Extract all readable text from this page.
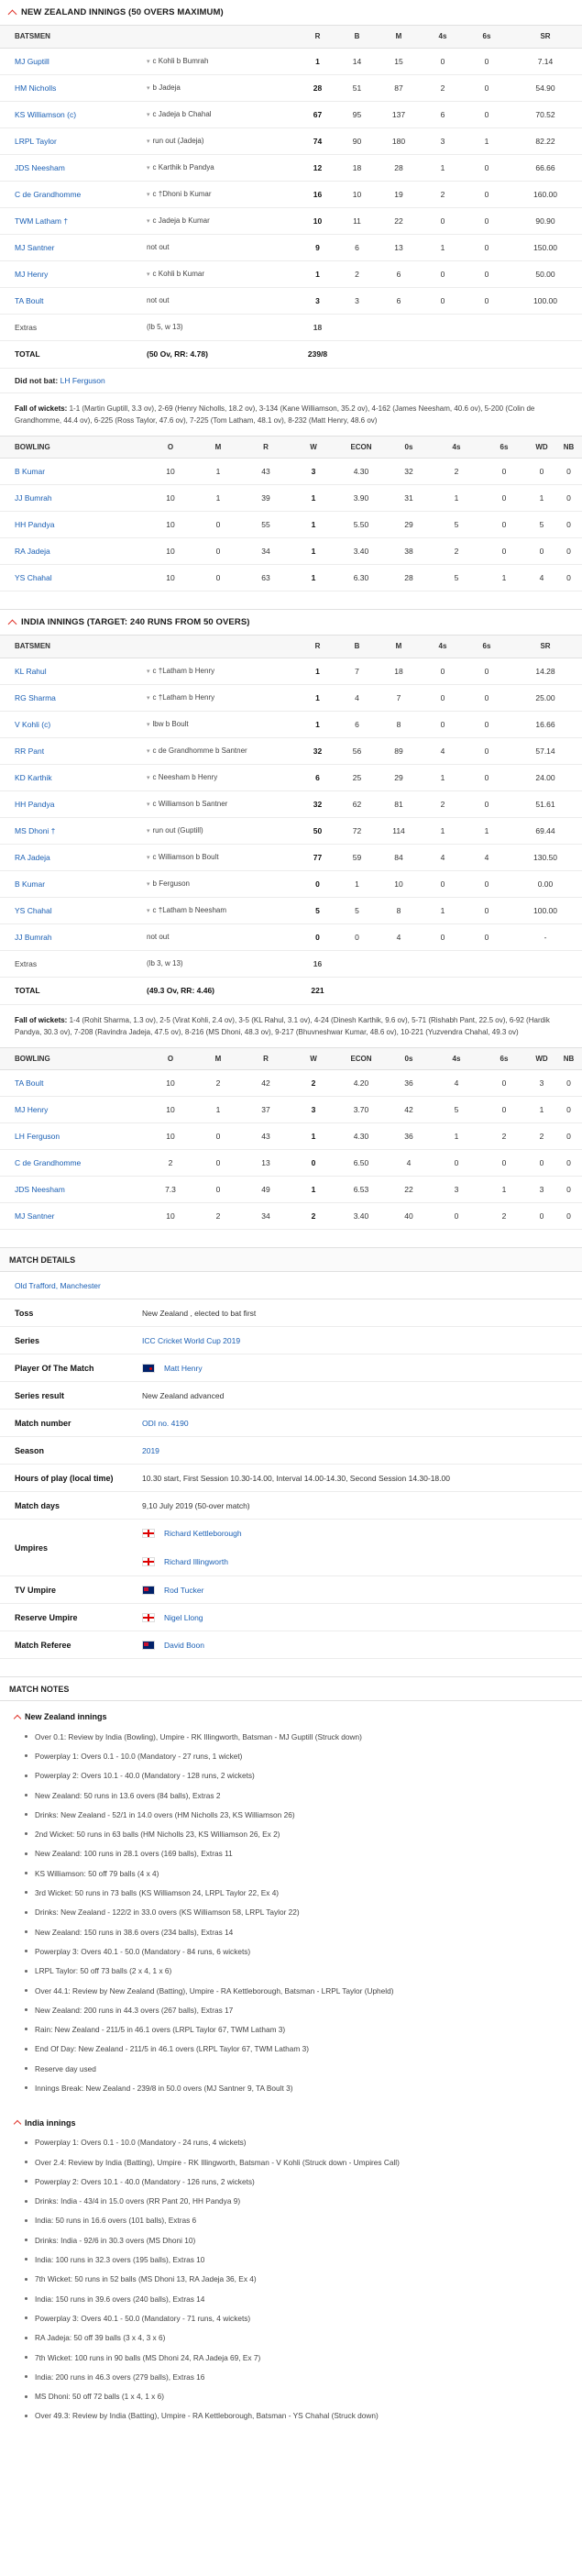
NEW ZEALAND INNINGS (50 OVERS MAXIMUM)
BATSMEN		R	B	M	4s	6s	SR
MJ Guptill	▾ c Kohli b Bumrah	1	14	15	0	0	7.14
HM Nicholls	▾ b Jadeja	28	51	87	2	0	54.90
KS Williamson (c)	▾ c Jadeja b Chahal	67	95	137	6	0	70.52
LRPL Taylor	▾ run out (Jadeja)	74	90	180	3	1	82.22
JDS Neesham	▾ c Karthik b Pandya	12	18	28	1	0	66.66
C de Grandhomme	▾ c †Dhoni b Kumar	16	10	19	2	0	160.00
TWM Latham †	▾ c Jadeja b Kumar	10	11	22	0	0	90.90
MJ Santner	not out	9	6	13	1	0	150.00
MJ Henry	▾ c Kohli b Kumar	1	2	6	0	0	50.00
TA Boult	not out	3	3	6	0	0	100.00
Extras	(lb 5, w 13)	18					
TOTAL	(50 Ov, RR: 4.78)	239/8					
Did not bat: LH Ferguson
Fall of wickets: 1-1 (Martin Guptill, 3.3 ov), 2-69 (Henry Nicholls, 18.2 ov), 3-134 (Kane Williamson, 35.2 ov), 4-162 (James Neesham, 40.6 ov), 5-200 (Colin de Grandhomme, 44.4 ov), 6-225 (Ross Taylor, 47.6 ov), 7-225 (Tom Latham, 48.1 ov), 8-232 (Matt Henry, 48.6 ov)
BOWLING	O	M	R	W	ECON	0s	4s	6s	WD	NB
B Kumar	10	1	43	3	4.30	32	2	0	0	0
JJ Bumrah	10	1	39	1	3.90	31	1	0	1	0
HH Pandya	10	0	55	1	5.50	29	5	0	5	0
RA Jadeja	10	0	34	1	3.40	38	2	0	0	0
YS Chahal	10	0	63	1	6.30	28	5	1	4	0
INDIA INNINGS (TARGET: 240 RUNS FROM 50 OVERS)
BATSMEN		R	B	M	4s	6s	SR
KL Rahul	▾ c †Latham b Henry	1	7	18	0	0	14.28
RG Sharma	▾ c †Latham b Henry	1	4	7	0	0	25.00
V Kohli (c)	▾ lbw b Boult	1	6	8	0	0	16.66
RR Pant	▾ c de Grandhomme b Santner	32	56	89	4	0	57.14
KD Karthik	▾ c Neesham b Henry	6	25	29	1	0	24.00
HH Pandya	▾ c Williamson b Santner	32	62	81	2	0	51.61
MS Dhoni †	▾ run out (Guptill)	50	72	114	1	1	69.44
RA Jadeja	▾ c Williamson b Boult	77	59	84	4	4	130.50
B Kumar	▾ b Ferguson	0	1	10	0	0	0.00
YS Chahal	▾ c †Latham b Neesham	5	5	8	1	0	100.00
JJ Bumrah	not out	0	0	4	0	0	-
Extras	(lb 3, w 13)	16					
TOTAL	(49.3 Ov, RR: 4.46)	221					
Fall of wickets: 1-4 (Rohit Sharma, 1.3 ov), 2-5 (Virat Kohli, 2.4 ov), 3-5 (KL Rahul, 3.1 ov), 4-24 (Dinesh Karthik, 9.6 ov), 5-71 (Rishabh Pant, 22.5 ov), 6-92 (Hardik Pandya, 30.3 ov), 7-208 (Ravindra Jadeja, 47.5 ov), 8-216 (MS Dhoni, 48.3 ov), 9-217 (Bhuvneshwar Kumar, 48.6 ov), 10-221 (Yuzvendra Chahal, 49.3 ov)
BOWLING	O	M	R	W	ECON	0s	4s	6s	WD	NB
TA Boult	10	2	42	2	4.20	36	4	0	3	0
MJ Henry	10	1	37	3	3.70	42	5	0	1	0
LH Ferguson	10	0	43	1	4.30	36	1	2	2	0
C de Grandhomme	2	0	13	0	6.50	4	0	0	0	0
JDS Neesham	7.3	0	49	1	6.53	22	3	1	3	0
MJ Santner	10	2	34	2	3.40	40	0	2	0	0
MATCH DETAILS
Old Trafford, Manchester
Toss	New Zealand , elected to bat first
Series	ICC Cricket World Cup 2019
Player Of The Match	Matt Henry
Series result	New Zealand advanced
Match number	ODI no. 4190
Season	2019
Hours of play (local time)	10.30 start, First Session 10.30-14.00, Interval 14.00-14.30, Second Session 14.30-18.00
Match days	9,10 July 2019 (50-over match)
Umpires
Richard Kettleborough
Richard Illingworth
TV Umpire	Rod Tucker
Reserve Umpire	Nigel Llong
Match Referee	David Boon
MATCH NOTES
New Zealand innings
Over 0.1: Review by India (Bowling), Umpire - RK Illingworth, Batsman - MJ Guptill (Struck down)
Powerplay 1: Overs 0.1 - 10.0 (Mandatory - 27 runs, 1 wicket)
Powerplay 2: Overs 10.1 - 40.0 (Mandatory - 128 runs, 2 wickets)
New Zealand: 50 runs in 13.6 overs (84 balls), Extras 2
Drinks: New Zealand - 52/1 in 14.0 overs (HM Nicholls 23, KS Williamson 26)
2nd Wicket: 50 runs in 63 balls (HM Nicholls 23, KS Williamson 26, Ex 2)
New Zealand: 100 runs in 28.1 overs (169 balls), Extras 11
KS Williamson: 50 off 79 balls (4 x 4)
3rd Wicket: 50 runs in 73 balls (KS Williamson 24, LRPL Taylor 22, Ex 4)
Drinks: New Zealand - 122/2 in 33.0 overs (KS Williamson 58, LRPL Taylor 22)
New Zealand: 150 runs in 38.6 overs (234 balls), Extras 14
Powerplay 3: Overs 40.1 - 50.0 (Mandatory - 84 runs, 6 wickets)
LRPL Taylor: 50 off 73 balls (2 x 4, 1 x 6)
Over 44.1: Review by New Zealand (Batting), Umpire - RA Kettleborough, Batsman - LRPL Taylor (Upheld)
New Zealand: 200 runs in 44.3 overs (267 balls), Extras 17
Rain: New Zealand - 211/5 in 46.1 overs (LRPL Taylor 67, TWM Latham 3)
End Of Day: New Zealand - 211/5 in 46.1 overs (LRPL Taylor 67, TWM Latham 3)
Reserve day used
Innings Break: New Zealand - 239/8 in 50.0 overs (MJ Santner 9, TA Boult 3)
India innings
Powerplay 1: Overs 0.1 - 10.0 (Mandatory - 24 runs, 4 wickets)
Over 2.4: Review by India (Batting), Umpire - RK Illingworth, Batsman - V Kohli (Struck down - Umpires Call)
Powerplay 2: Overs 10.1 - 40.0 (Mandatory - 126 runs, 2 wickets)
Drinks: India - 43/4 in 15.0 overs (RR Pant 20, HH Pandya 9)
India: 50 runs in 16.6 overs (101 balls), Extras 6
Drinks: India - 92/6 in 30.3 overs (MS Dhoni 10)
India: 100 runs in 32.3 overs (195 balls), Extras 10
7th Wicket: 50 runs in 52 balls (MS Dhoni 13, RA Jadeja 36, Ex 4)
India: 150 runs in 39.6 overs (240 balls), Extras 14
Powerplay 3: Overs 40.1 - 50.0 (Mandatory - 71 runs, 4 wickets)
RA Jadeja: 50 off 39 balls (3 x 4, 3 x 6)
7th Wicket: 100 runs in 90 balls (MS Dhoni 24, RA Jadeja 69, Ex 7)
India: 200 runs in 46.3 overs (279 balls), Extras 16
MS Dhoni: 50 off 72 balls (1 x 4, 1 x 6)
Over 49.3: Review by India (Batting), Umpire - RA Kettleborough, Batsman - YS Chahal (Struck down)
